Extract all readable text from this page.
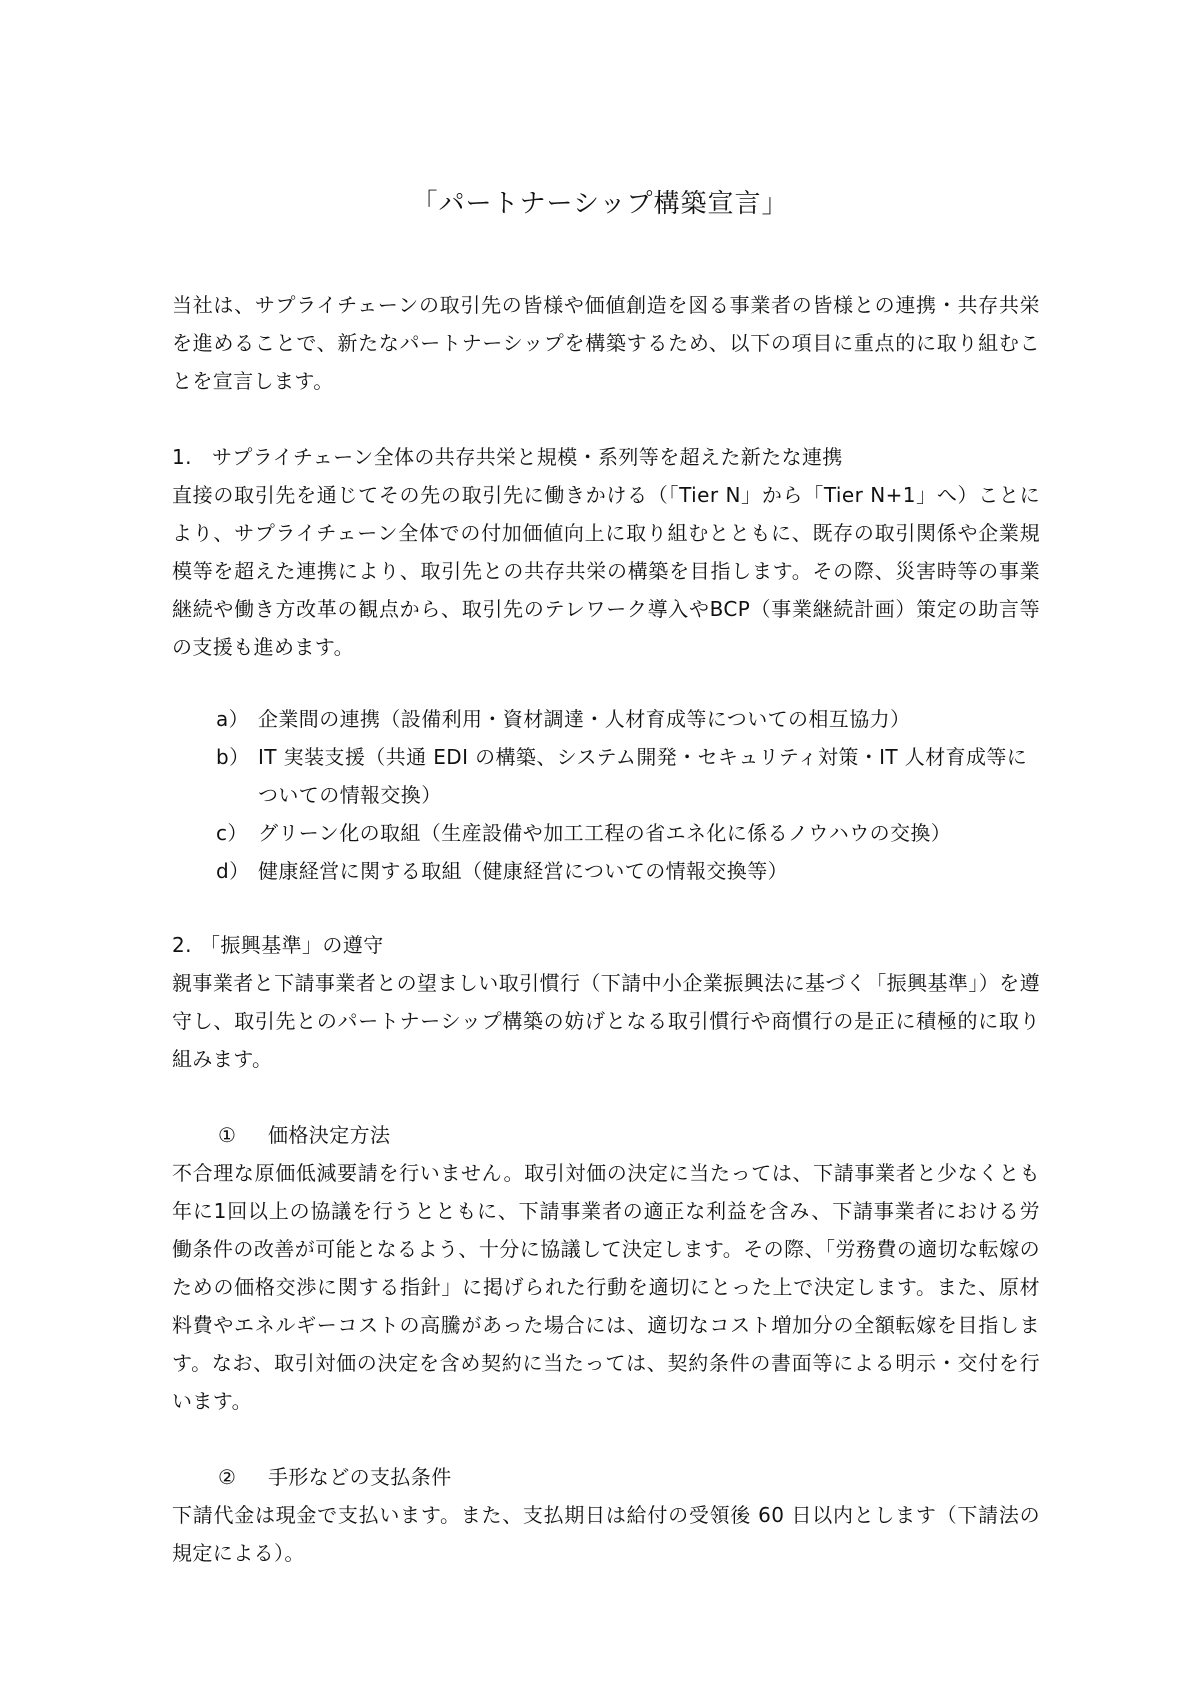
「パートナーシップ構築宣言」

当社は、サプライチェーンの取引先の皆様や価値創造を図る事業者の皆様との連携・共存共栄を進めることで、新たなパートナーシップを構築するため、以下の項目に重点的に取り組むことを宣言します。

1. サプライチェーン全体の共存共栄と規模・系列等を超えた新たな連携

直接の取引先を通じてその先の取引先に働きかける（「Tier N」から「Tier N+1」へ）ことにより、サプライチェーン全体での付加価値向上に取り組むとともに、既存の取引関係や企業規模等を超えた連携により、取引先との共存共栄の構築を目指します。その際、災害時等の事業継続や働き方改革の観点から、取引先のテレワーク導入やBCP（事業継続計画）策定の助言等の支援も進めます。

a） 企業間の連携（設備利用・資材調達・人材育成等についての相互協力）
b） IT 実装支援（共通 EDI の構築、システム開発・セキュリティ対策・IT 人材育成等についての情報交換）
c） グリーン化の取組（生産設備や加工工程の省エネ化に係るノウハウの交換）
d） 健康経営に関する取組（健康経営についての情報交換等）
2. 「振興基準」の遵守

親事業者と下請事業者との望ましい取引慣行（下請中小企業振興法に基づく「振興基準」）を遵守し、取引先とのパートナーシップ構築の妨げとなる取引慣行や商慣行の是正に積極的に取り組みます。

① 価格決定方法

不合理な原価低減要請を行いません。取引対価の決定に当たっては、下請事業者と少なくとも年に1回以上の協議を行うとともに、下請事業者の適正な利益を含み、下請事業者における労働条件の改善が可能となるよう、十分に協議して決定します。その際、「労務費の適切な転嫁のための価格交渉に関する指針」に掲げられた行動を適切にとった上で決定します。また、原材料費やエネルギーコストの高騰があった場合には、適切なコスト増加分の全額転嫁を目指します。なお、取引対価の決定を含め契約に当たっては、契約条件の書面等による明示・交付を行います。

② 手形などの支払条件

下請代金は現金で支払います。また、支払期日は給付の受領後 60 日以内とします（下請法の規定による）。
